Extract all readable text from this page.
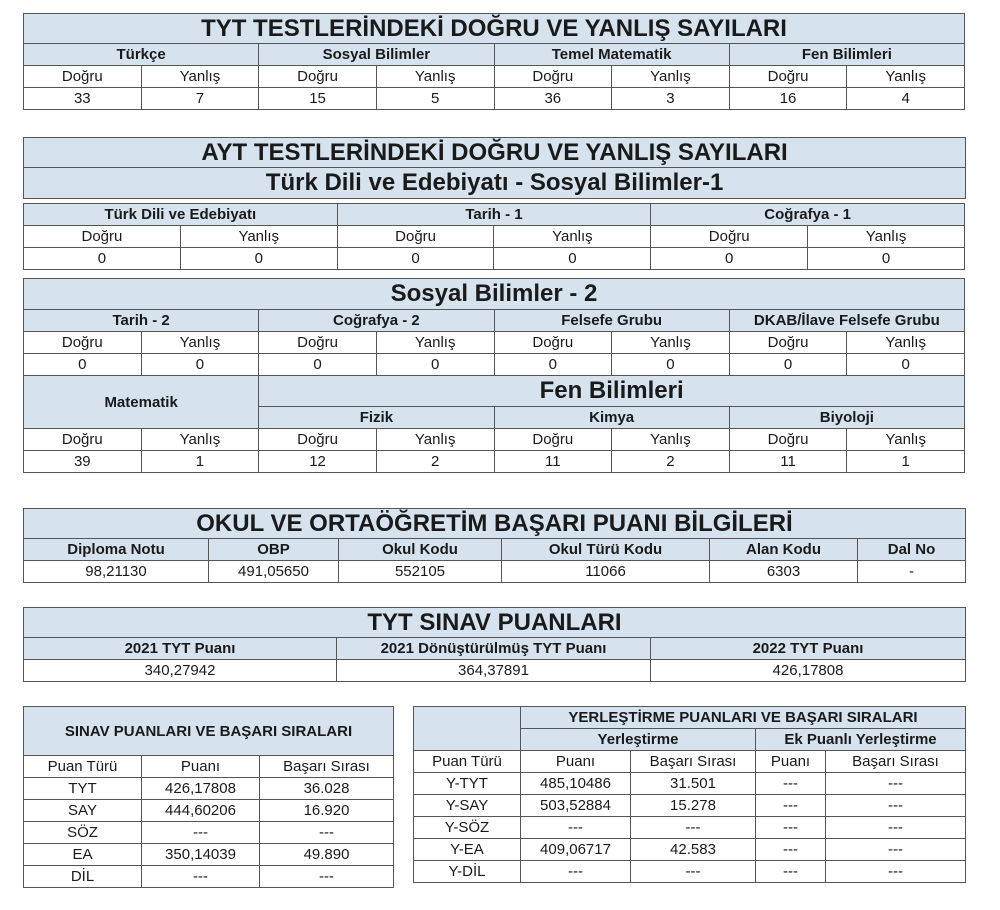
TYT TESTLERİNDEKİ DOĞRU VE YANLIŞ SAYILARI							
Türkçe		Sosyal Bilimler		Temel Matematik		Fen Bilimleri	
Doğru	Yanlış	Doğru	Yanlış	Doğru	Yanlış	Doğru	Yanlış
33	7	15	5	36	3	16	4
AYT TESTLERİNDEKİ DOĞRU VE YANLIŞ SAYILARI
Türk Dili ve Edebiyatı - Sosyal Bilimler-1
Türk Dili ve Edebiyatı		Tarih - 1		Coğrafya - 1	
Doğru	Yanlış	Doğru	Yanlış	Doğru	Yanlış
0	0	0	0	0	0
Sosyal Bilimler - 2							
Tarih - 2		Coğrafya - 2		Felsefe Grubu		DKAB/İlave Felsefe Grubu	
Doğru	Yanlış	Doğru	Yanlış	Doğru	Yanlış	Doğru	Yanlış
0	0	0	0	0	0	0	0
Matematik		Fen Bilimleri					
		Fizik		Kimya		Biyoloji	
Doğru	Yanlış	Doğru	Yanlış	Doğru	Yanlış	Doğru	Yanlış
39	1	12	2	11	2	11	1
OKUL VE ORTAÖĞRETİM BAŞARI PUANI BİLGİLERİ					
Diploma Notu	OBP	Okul Kodu	Okul Türü Kodu	Alan Kodu	Dal No
98,21130	491,05650	552105	11066	6303	-
TYT SINAV PUANLARI		
2021 TYT Puanı	2021 Dönüştürülmüş TYT Puanı	2022 TYT Puanı
340,27942	364,37891	426,17808
SINAV PUANLARI VE BAŞARI SIRALARI		
Puan Türü	Puanı	Başarı Sırası
TYT	426,17808	36.028
SAY	444,60206	16.920
SÖZ	---	---
EA	350,14039	49.890
DİL	---	---
	YERLEŞTİRME PUANLARI VE BAŞARI SIRALARI			
	Yerleştirme		Ek Puanlı Yerleştirme	
Puan Türü	Puanı	Başarı Sırası	Puanı	Başarı Sırası
Y-TYT	485,10486	31.501	---	---
Y-SAY	503,52884	15.278	---	---
Y-SÖZ	---	---	---	---
Y-EA	409,06717	42.583	---	---
Y-DİL	---	---	---	---
